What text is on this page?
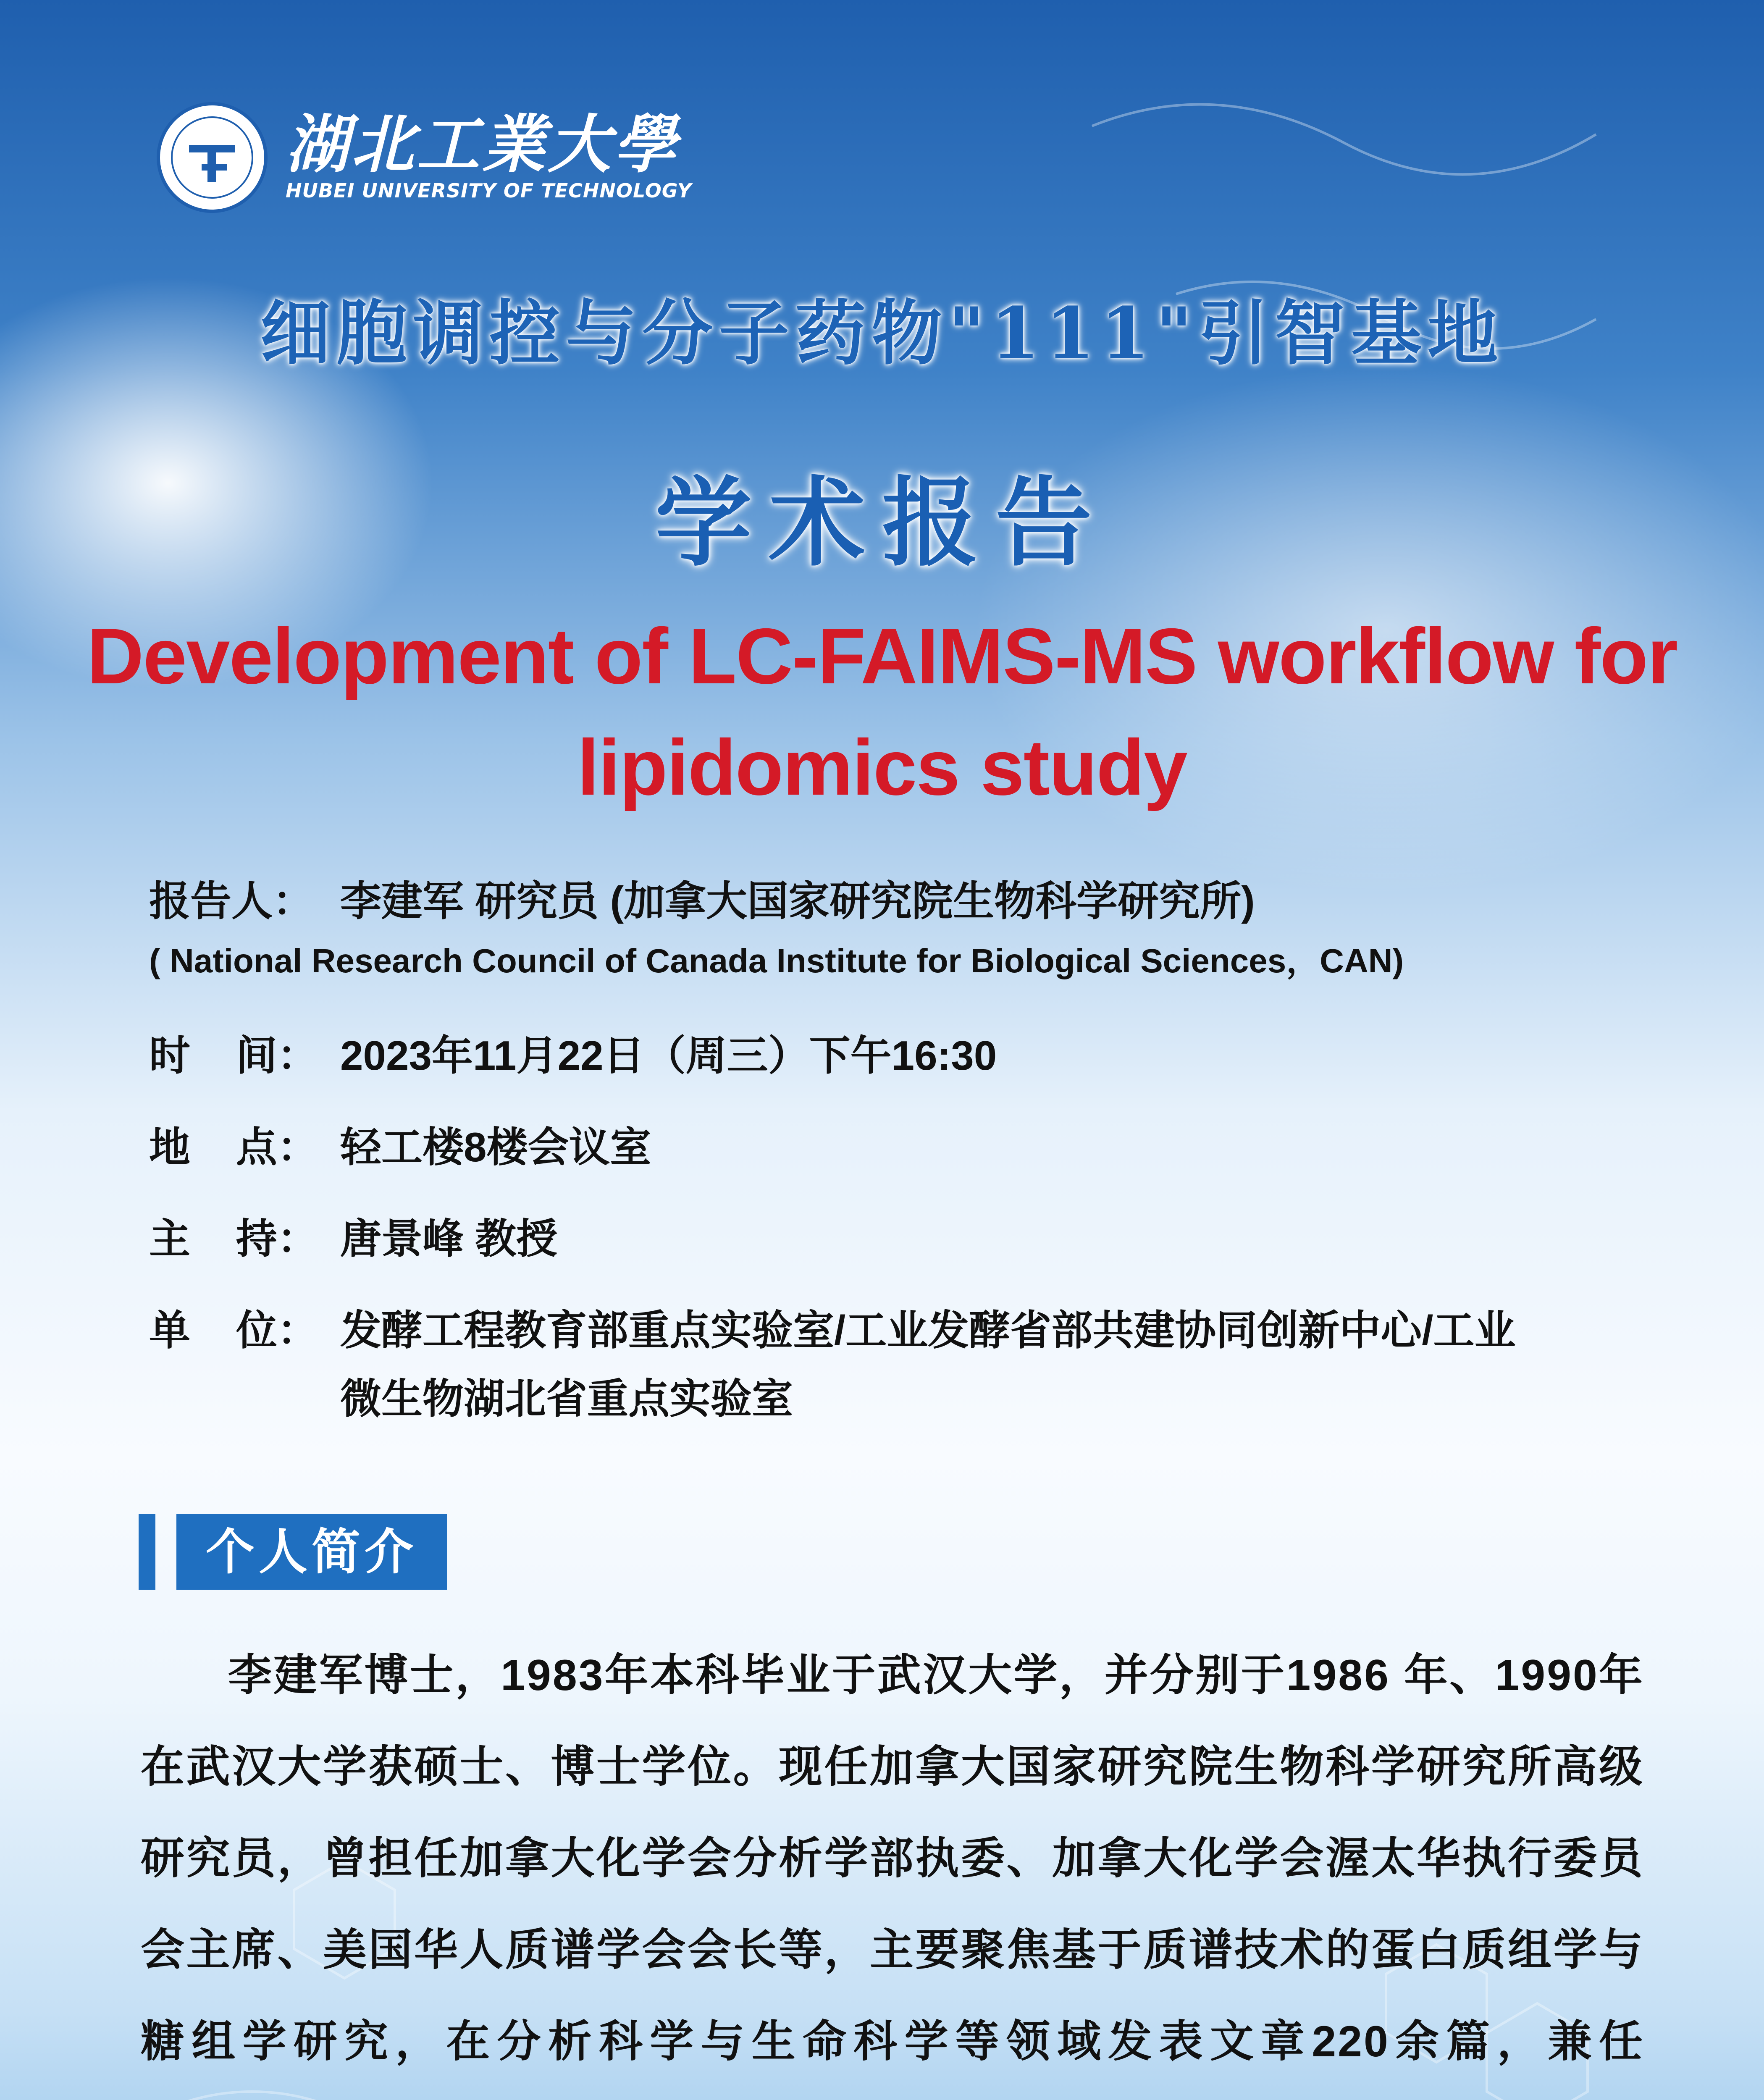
湖北工業大學
HUBEI UNIVERSITY OF TECHNOLOGY
细胞调控与分子药物"111"引智基地
学术报告
Development of LC-FAIMS-MS workflow for
lipidomics study
报告人： 李建军 研究员 (加拿大国家研究院生物科学研究所)
( National Research Council of Canada Institute for Biological Sciences，CAN)
时    间： 2023年11月22日（周三）下午16:30
地    点： 轻工楼8楼会议室
主    持： 唐景峰 教授
单    位： 发酵工程教育部重点实验室/工业发酵省部共建协同创新中心/工业
微生物湖北省重点实验室
个人简介
李建军博士，1983年本科毕业于武汉大学，并分别于1986 年、1990年在武汉大学获硕士、博士学位。现任加拿大国家研究院生物科学研究所高级研究员，曾担任加拿大化学会分析学部执委、加拿大化学会渥太华执行委员会主席、美国华人质谱学会会长等，主要聚焦基于质谱技术的蛋白质组学与糖组学研究，在分析科学与生命科学等领域发表文章220余篇，兼任
